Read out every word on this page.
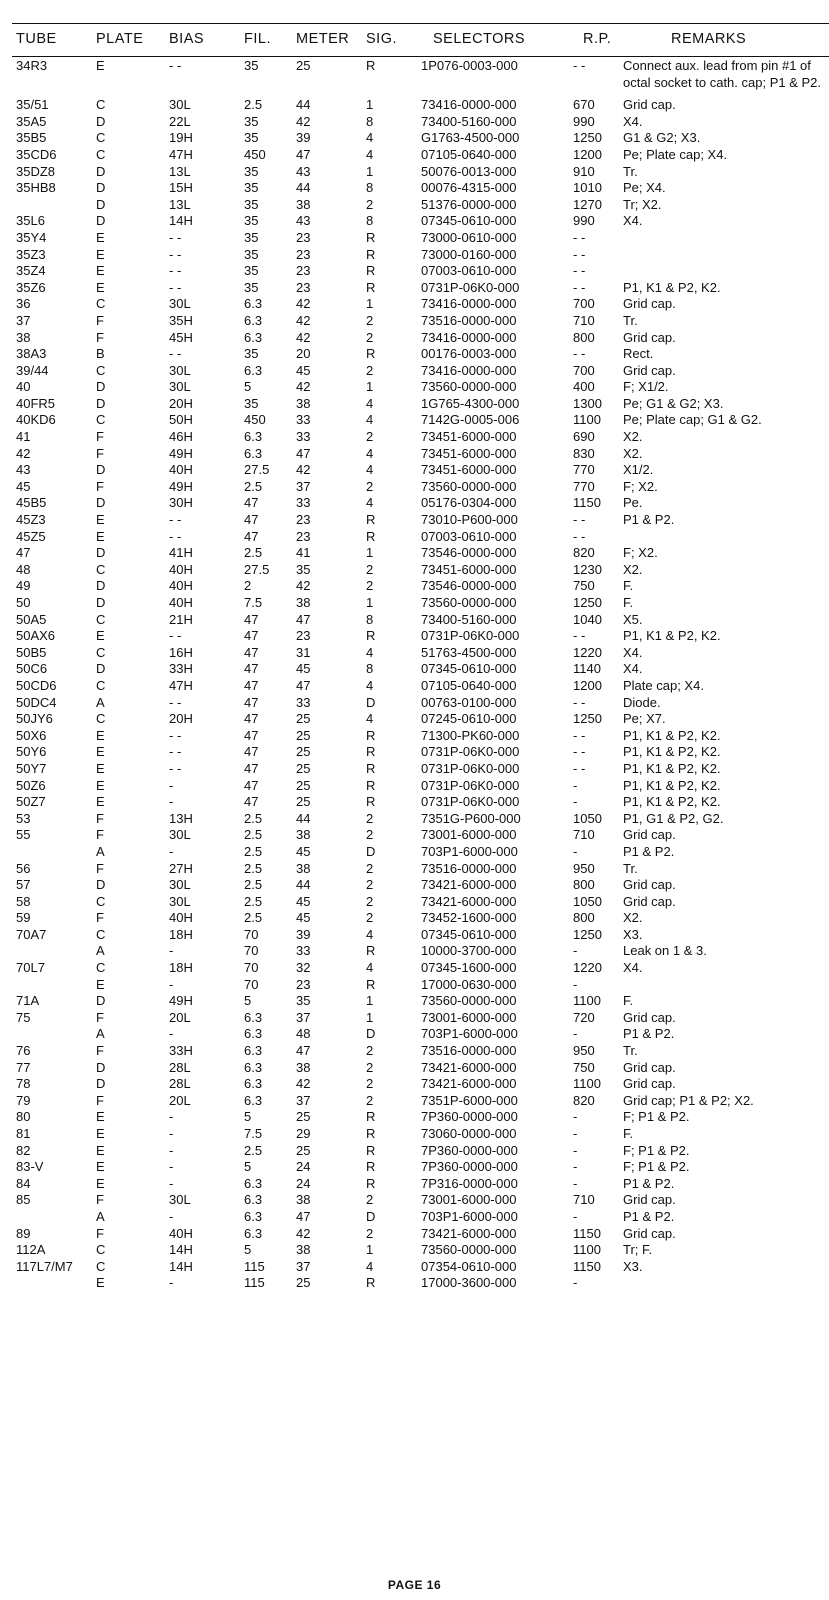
TUBE	PLATE	BIAS	FIL.	METER	SIG.	SELECTORS	R.P.	REMARKS
34R3	E	- -	35	25	R	1P076-0003-000	- -	Connect aux. lead from pin #1 of octal socket to cath. cap; P1 & P2.
35/51	C	30L	2.5	44	1	73416-0000-000	670	Grid cap.
35A5	D	22L	35	42	8	73400-5160-000	990	X4.
35B5	C	19H	35	39	4	G1763-4500-000	1250	G1 & G2; X3.
35CD6	C	47H	450	47	4	07105-0640-000	1200	Pe; Plate cap; X4.
35DZ8	D	13L	35	43	1	50076-0013-000	910	Tr.
35HB8	D	15H	35	44	8	00076-4315-000	1010	Pe; X4.
	D	13L	35	38	2	51376-0000-000	1270	Tr; X2.
35L6	D	14H	35	43	8	07345-0610-000	990	X4.
35Y4	E	- -	35	23	R	73000-0610-000	- -	
35Z3	E	- -	35	23	R	73000-0160-000	- -	
35Z4	E	- -	35	23	R	07003-0610-000	- -	
35Z6	E	- -	35	23	R	0731P-06K0-000	- -	P1, K1 & P2, K2.
36	C	30L	6.3	42	1	73416-0000-000	700	Grid cap.
37	F	35H	6.3	42	2	73516-0000-000	710	Tr.
38	F	45H	6.3	42	2	73416-0000-000	800	Grid cap.
38A3	B	- -	35	20	R	00176-0003-000	- -	Rect.
39/44	C	30L	6.3	45	2	73416-0000-000	700	Grid cap.
40	D	30L	5	42	1	73560-0000-000	400	F; X1/2.
40FR5	D	20H	35	38	4	1G765-4300-000	1300	Pe; G1 & G2; X3.
40KD6	C	50H	450	33	4	7142G-0005-006	1100	Pe; Plate cap; G1 & G2.
41	F	46H	6.3	33	2	73451-6000-000	690	X2.
42	F	49H	6.3	47	4	73451-6000-000	830	X2.
43	D	40H	27.5	42	4	73451-6000-000	770	X1/2.
45	F	49H	2.5	37	2	73560-0000-000	770	F; X2.
45B5	D	30H	47	33	4	05176-0304-000	1150	Pe.
45Z3	E	- -	47	23	R	73010-P600-000	- -	P1 & P2.
45Z5	E	- -	47	23	R	07003-0610-000	- -	
47	D	41H	2.5	41	1	73546-0000-000	820	F; X2.
48	C	40H	27.5	35	2	73451-6000-000	1230	X2.
49	D	40H	2	42	2	73546-0000-000	750	F.
50	D	40H	7.5	38	1	73560-0000-000	1250	F.
50A5	C	21H	47	47	8	73400-5160-000	1040	X5.
50AX6	E	- -	47	23	R	0731P-06K0-000	- -	P1, K1 & P2, K2.
50B5	C	16H	47	31	4	51763-4500-000	1220	X4.
50C6	D	33H	47	45	8	07345-0610-000	1140	X4.
50CD6	C	47H	47	47	4	07105-0640-000	1200	Plate cap; X4.
50DC4	A	- -	47	33	D	00763-0100-000	- -	Diode.
50JY6	C	20H	47	25	4	07245-0610-000	1250	Pe; X7.
50X6	E	- -	47	25	R	71300-PK60-000	- -	P1, K1 & P2, K2.
50Y6	E	- -	47	25	R	0731P-06K0-000	- -	P1, K1 & P2, K2.
50Y7	E	- -	47	25	R	0731P-06K0-000	- -	P1, K1 & P2, K2.
50Z6	E	-	47	25	R	0731P-06K0-000	-	P1, K1 & P2, K2.
50Z7	E	-	47	25	R	0731P-06K0-000	-	P1, K1 & P2, K2.
53	F	13H	2.5	44	2	7351G-P600-000	1050	P1, G1 & P2, G2.
55	F	30L	2.5	38	2	73001-6000-000	710	Grid cap.
	A	-	2.5	45	D	703P1-6000-000	-	P1 & P2.
56	F	27H	2.5	38	2	73516-0000-000	950	Tr.
57	D	30L	2.5	44	2	73421-6000-000	800	Grid cap.
58	C	30L	2.5	45	2	73421-6000-000	1050	Grid cap.
59	F	40H	2.5	45	2	73452-1600-000	800	X2.
70A7	C	18H	70	39	4	07345-0610-000	1250	X3.
	A	-	70	33	R	10000-3700-000	-	Leak on 1 & 3.
70L7	C	18H	70	32	4	07345-1600-000	1220	X4.
	E	-	70	23	R	17000-0630-000	-	
71A	D	49H	5	35	1	73560-0000-000	1100	F.
75	F	20L	6.3	37	1	73001-6000-000	720	Grid cap.
	A	-	6.3	48	D	703P1-6000-000	-	P1 & P2.
76	F	33H	6.3	47	2	73516-0000-000	950	Tr.
77	D	28L	6.3	38	2	73421-6000-000	750	Grid cap.
78	D	28L	6.3	42	2	73421-6000-000	1100	Grid cap.
79	F	20L	6.3	37	2	7351P-6000-000	820	Grid cap; P1 & P2; X2.
80	E	-	5	25	R	7P360-0000-000	-	F; P1 & P2.
81	E	-	7.5	29	R	73060-0000-000	-	F.
82	E	-	2.5	25	R	7P360-0000-000	-	F; P1 & P2.
83-V	E	-	5	24	R	7P360-0000-000	-	F; P1 & P2.
84	E	-	6.3	24	R	7P316-0000-000	-	P1 & P2.
85	F	30L	6.3	38	2	73001-6000-000	710	Grid cap.
	A	-	6.3	47	D	703P1-6000-000	-	P1 & P2.
89	F	40H	6.3	42	2	73421-6000-000	1150	Grid cap.
112A	C	14H	5	38	1	73560-0000-000	1100	Tr; F.
117L7/M7	C	14H	115	37	4	07354-0610-000	1150	X3.
	E	-	115	25	R	17000-3600-000	-	
PAGE 16
